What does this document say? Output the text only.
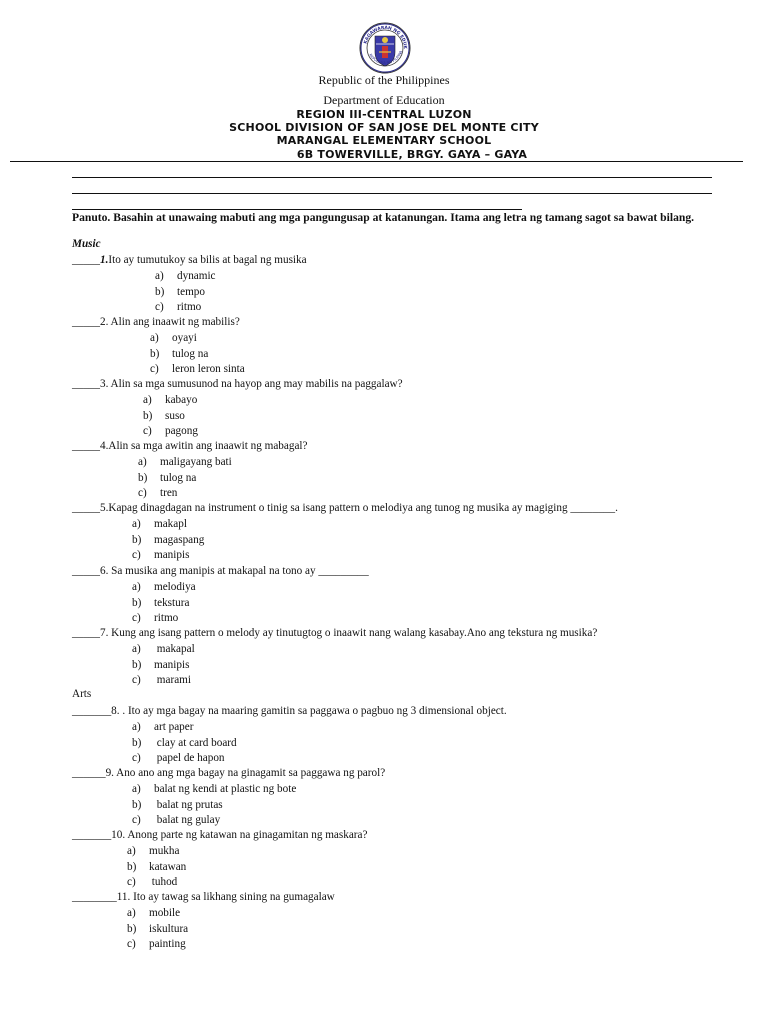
KAGAWARAN NG EDUK
REPUBLIKA NG PILIPINA
Republic of the Philippines
Department of Education
REGION III-CENTRAL LUZON
SCHOOL DIVISION OF SAN JOSE DEL MONTE CITY
MARANGAL ELEMENTARY SCHOOL
6B TOWERVILLE, BRGY. GAYA – GAYA
Panuto. Basahin at unawaing mabuti ang mga pangungusap at katanungan. Itama ang letra ng tamang sagot sa bawat bilang.
Music
_____1.Ito ay tumutukoy sa bilis at bagal ng musika
a) dynamic
b) tempo
c) ritmo
_____2. Alin ang inaawit ng mabilis?
a) oyayi
b) tulog na
c) leron leron sinta
_____3. Alin sa mga sumusunod na hayop ang may mabilis na paggalaw?
a) kabayo
b) suso
c) pagong
_____4.Alin sa mga awitin ang inaawit ng mabagal?
a) maligayang bati
b) tulog na
c) tren
_____5.Kapag dinagdagan na instrument o tinig sa isang pattern o melodiya ang tunog ng musika ay magiging ________.
a) makapl
b) magaspang
c) manipis
_____6. Sa musika ang manipis at makapal na tono ay _________
a) melodiya
b) tekstura
c) ritmo
_____7. Kung ang isang pattern o melody ay tinutugtog o inaawit nang walang kasabay.Ano ang tekstura ng musika?
a) makapal
b) manipis
c) marami
_______8. . Ito ay mga bagay na maaring gamitin sa paggawa o pagbuo ng 3 dimensional object.
a) art paper
b) clay at card board
c) papel de hapon
______9. Ano ano ang mga bagay na ginagamit sa paggawa ng parol?
a) balat ng kendi at plastic ng bote
b) balat ng prutas
c) balat ng gulay
_______10. Anong parte ng katawan na ginagamitan ng maskara?
a) mukha
b) katawan
c) tuhod
________11. Ito ay tawag sa likhang sining na gumagalaw
a) mobile
b) iskultura
c) painting
Arts
